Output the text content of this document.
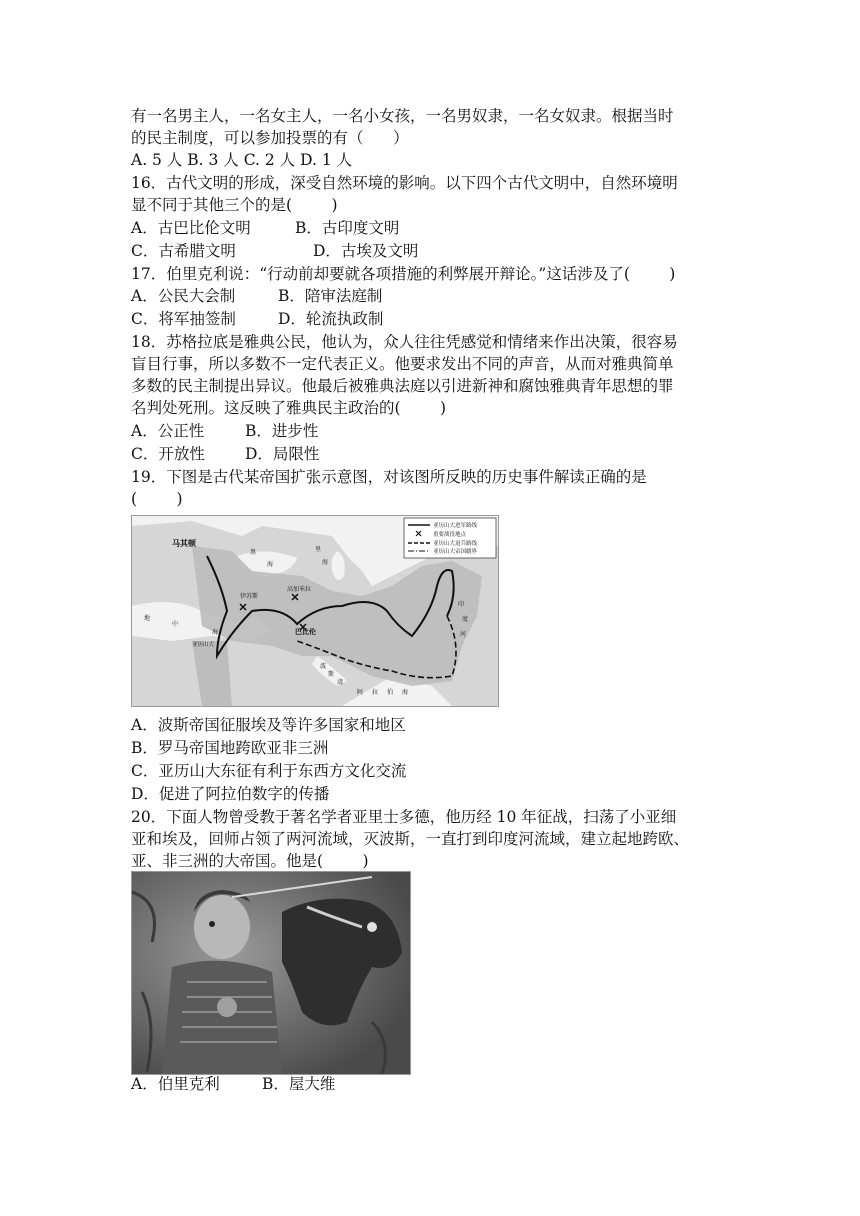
有一名男主人，一名女主人，一名小女孩，一名男奴隶，一名女奴隶。根据当时
的民主制度，可以参加投票的有（      ）
A. 5 人 B. 3 人 C. 2 人 D. 1 人
16．古代文明的形成，深受自然环境的影响。以下四个古代文明中，自然环境明
显不同于其他三个的是(        )
A．古巴比伦文明	B．古印度文明
C．古希腊文明	D．古埃及文明
17．伯里克利说：“行动前却要就各项措施的利弊展开辩论。”这话涉及了(        )
A．公民大会制	B．陪审法庭制
C．将军抽签制	D．轮流执政制
18．苏格拉底是雅典公民，他认为，众人往往凭感觉和情绪来作出决策，很容易
盲目行事，所以多数不一定代表正义。他要求发出不同的声音，从而对雅典简单
多数的民主制提出异议。他最后被雅典法庭以引进新神和腐蚀雅典青年思想的罪
名判处死刑。这反映了雅典民主政治的(        )
A．公正性	B．进步性
C．开放性	D．局限性
19．下图是古代某帝国扩张示意图，对该图所反映的历史事件解读正确的是
(        )
亚历山大进军路线
重要战役地点
亚历山大退兵路线
亚历山大帝国疆界
马其顿
黑
海
里
海
地
中
海
伊苏斯
高加米拉
亚历山大
巴比伦
波
斯
湾
阿 拉 伯 海
印
度
河
A．波斯帝国征服埃及等许多国家和地区
B．罗马帝国地跨欧亚非三洲
C．亚历山大东征有利于东西方文化交流
D．促进了阿拉伯数字的传播
20．下面人物曾受教于著名学者亚里士多德，他历经 10 年征战，扫荡了小亚细
亚和埃及，回师占领了两河流域，灭波斯，一直打到印度河流域，建立起地跨欧、
亚、非三洲的大帝国。他是(        )
A．伯里克利	B．屋大维
